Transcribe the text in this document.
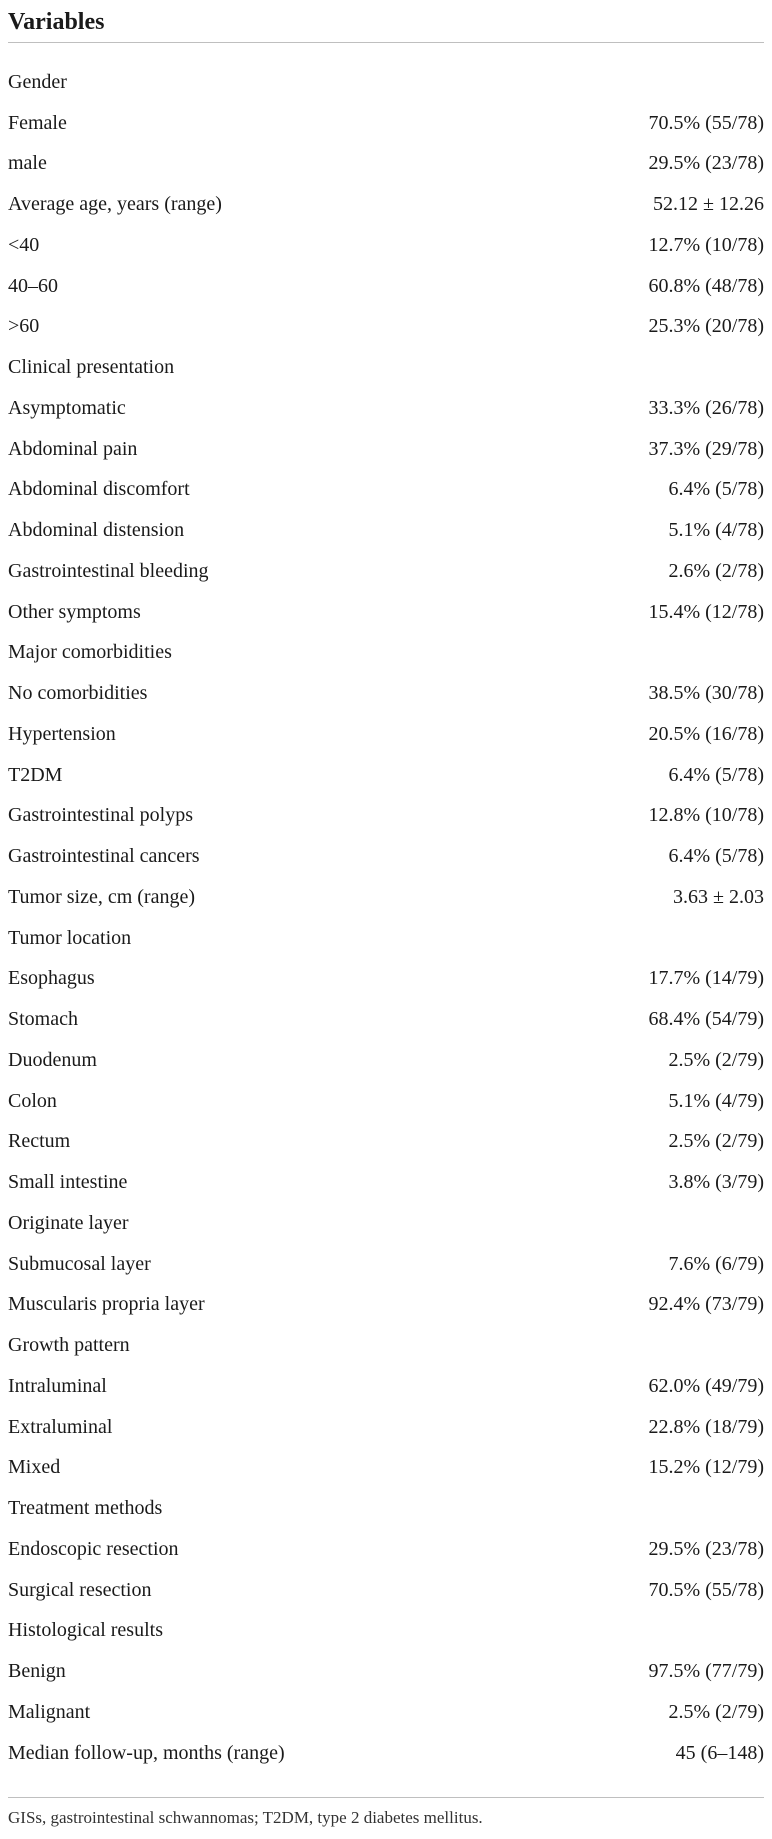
Variables
Gender
Female	70.5% (55/78)
male	29.5% (23/78)
Average age, years (range)	52.12 ± 12.26
<40	12.7% (10/78)
40–60	60.8% (48/78)
>60	25.3% (20/78)
Clinical presentation
Asymptomatic	33.3% (26/78)
Abdominal pain	37.3% (29/78)
Abdominal discomfort	6.4% (5/78)
Abdominal distension	5.1% (4/78)
Gastrointestinal bleeding	2.6% (2/78)
Other symptoms	15.4% (12/78)
Major comorbidities
No comorbidities	38.5% (30/78)
Hypertension	20.5% (16/78)
T2DM	6.4% (5/78)
Gastrointestinal polyps	12.8% (10/78)
Gastrointestinal cancers	6.4% (5/78)
Tumor size, cm (range)	3.63 ± 2.03
Tumor location
Esophagus	17.7% (14/79)
Stomach	68.4% (54/79)
Duodenum	2.5% (2/79)
Colon	5.1% (4/79)
Rectum	2.5% (2/79)
Small intestine	3.8% (3/79)
Originate layer
Submucosal layer	7.6% (6/79)
Muscularis propria layer	92.4% (73/79)
Growth pattern
Intraluminal	62.0% (49/79)
Extraluminal	22.8% (18/79)
Mixed	15.2% (12/79)
Treatment methods
Endoscopic resection	29.5% (23/78)
Surgical resection	70.5% (55/78)
Histological results
Benign	97.5% (77/79)
Malignant	2.5% (2/79)
Median follow-up, months (range)	45 (6–148)
GISs, gastrointestinal schwannomas; T2DM, type 2 diabetes mellitus.
